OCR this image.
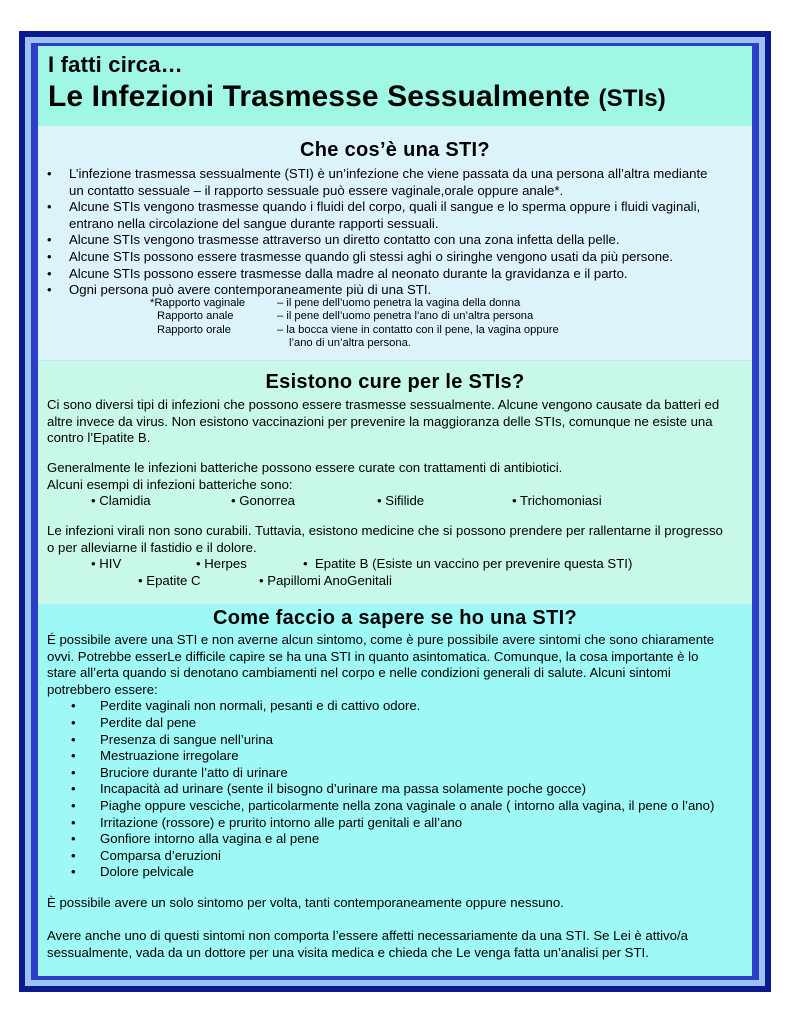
I fatti circa…
Le Infezioni Trasmesse Sessualmente (STIs)
Che cos’è una STI?
• L’infezione trasmessa sessualmente (STI) è un’infezione che viene passata da una persona all’altra mediante
un contatto sessuale – il rapporto sessuale può essere vaginale,orale oppure anale*.
• Alcune STIs vengono trasmesse quando i fluidi del corpo, quali il sangue e lo sperma oppure i fluidi vaginali,
entrano nella circolazione del sangue durante rapporti sessuali.
• Alcune STIs vengono trasmesse attraverso un diretto contatto con una zona infetta della pelle.
• Alcune STIs possono essere trasmesse quando gli stessi aghi o siringhe vengono usati da più persone.
• Alcune STIs possono essere trasmesse dalla madre al neonato durante la gravidanza e il parto.
• Ogni persona può avere contemporaneamente più di una STI.
*Rapporto vaginale	– il pene dell’uomo penetra la vagina della donna
Rapporto anale	– il pene dell’uomo penetra l’ano di un’altra persona
Rapporto orale	– la bocca viene in contatto con il pene, la vagina oppure
l’ano di un’altra persona.
Esistono cure per le STIs?
Ci sono diversi tipi di infezioni che possono essere trasmesse sessualmente. Alcune vengono causate da batteri ed
altre invece da virus. Non esistono vaccinazioni per prevenire la maggioranza delle STIs, comunque ne esiste una
contro l’Epatite B.
Generalmente le infezioni batteriche possono essere curate con trattamenti di antibiotici.
Alcuni esempi di infezioni batteriche sono:
• Clamidia	• Gonorrea	• Sifilide	• Trichomoniasi
Le infezioni virali non sono curabili. Tuttavia, esistono medicine che si possono prendere per rallentarne il progresso
o per alleviarne il fastidio e il dolore.
• HIV	• Herpes	•  Epatite B (Esiste un vaccino per prevenire questa STI)
• Epatite C	• Papillomi AnoGenitali
Come faccio a sapere se ho una STI?
É possibile avere una STI e non averne alcun sintomo, come è pure possibile avere sintomi che sono chiaramente
ovvi. Potrebbe esserLe difficile capire se ha una STI in quanto asintomatica. Comunque, la cosa importante è lo
stare all’erta quando si denotano cambiamenti nel corpo e nelle condizioni generali di salute. Alcuni sintomi
potrebbero essere:
• Perdite vaginali non normali, pesanti e di cattivo odore.
• Perdite dal pene
• Presenza di sangue nell’urina
• Mestruazione irregolare
• Bruciore durante l’atto di urinare
• Incapacità ad urinare (sente il bisogno d’urinare ma passa solamente poche gocce)
• Piaghe oppure vesciche, particolarmente nella zona vaginale o anale ( intorno alla vagina, il pene o l’ano)
• Irritazione (rossore) e prurito intorno alle parti genitali e all’ano
• Gonfiore intorno alla vagina e al pene
• Comparsa d’eruzioni
• Dolore pelvicale
È possibile avere un solo sintomo per volta, tanti contemporaneamente oppure nessuno.
Avere anche uno di questi sintomi non comporta l’essere affetti necessariamente da una STI. Se Lei è attivo/a
sessualmente, vada da un dottore per una visita medica e chieda che Le venga fatta un’analisi per STI.
